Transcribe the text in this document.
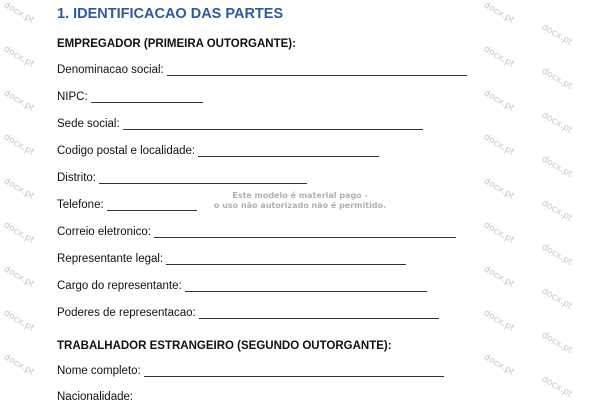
docx.pt	docx.pt
docx.pt
docx.pt	docx.pt
docx.pt
docx.pt	docx.pt
docx.pt
docx.pt	docx.pt
docx.pt
docx.pt	docx.pt
docx.pt
docx.pt	docx.pt
docx.pt
docx.pt	docx.pt
docx.pt
docx.pt	docx.pt
docx.pt
docx.pt	docx.pt
docx.pt
1. IDENTIFICACAO DAS PARTES
EMPREGADOR (PRIMEIRA OUTORGANTE):
Denominacao social:
NIPC:
Sede social:
Codigo postal e localidade:
Distrito:
Telefone:
Correio eletronico:
Representante legal:
Cargo do representante:
Poderes de representacao:
TRABALHADOR ESTRANGEIRO (SEGUNDO OUTORGANTE):
Nome completo:
Nacionalidade:
Este modelo é material pago -
o uso não autorizado não é permitido.
